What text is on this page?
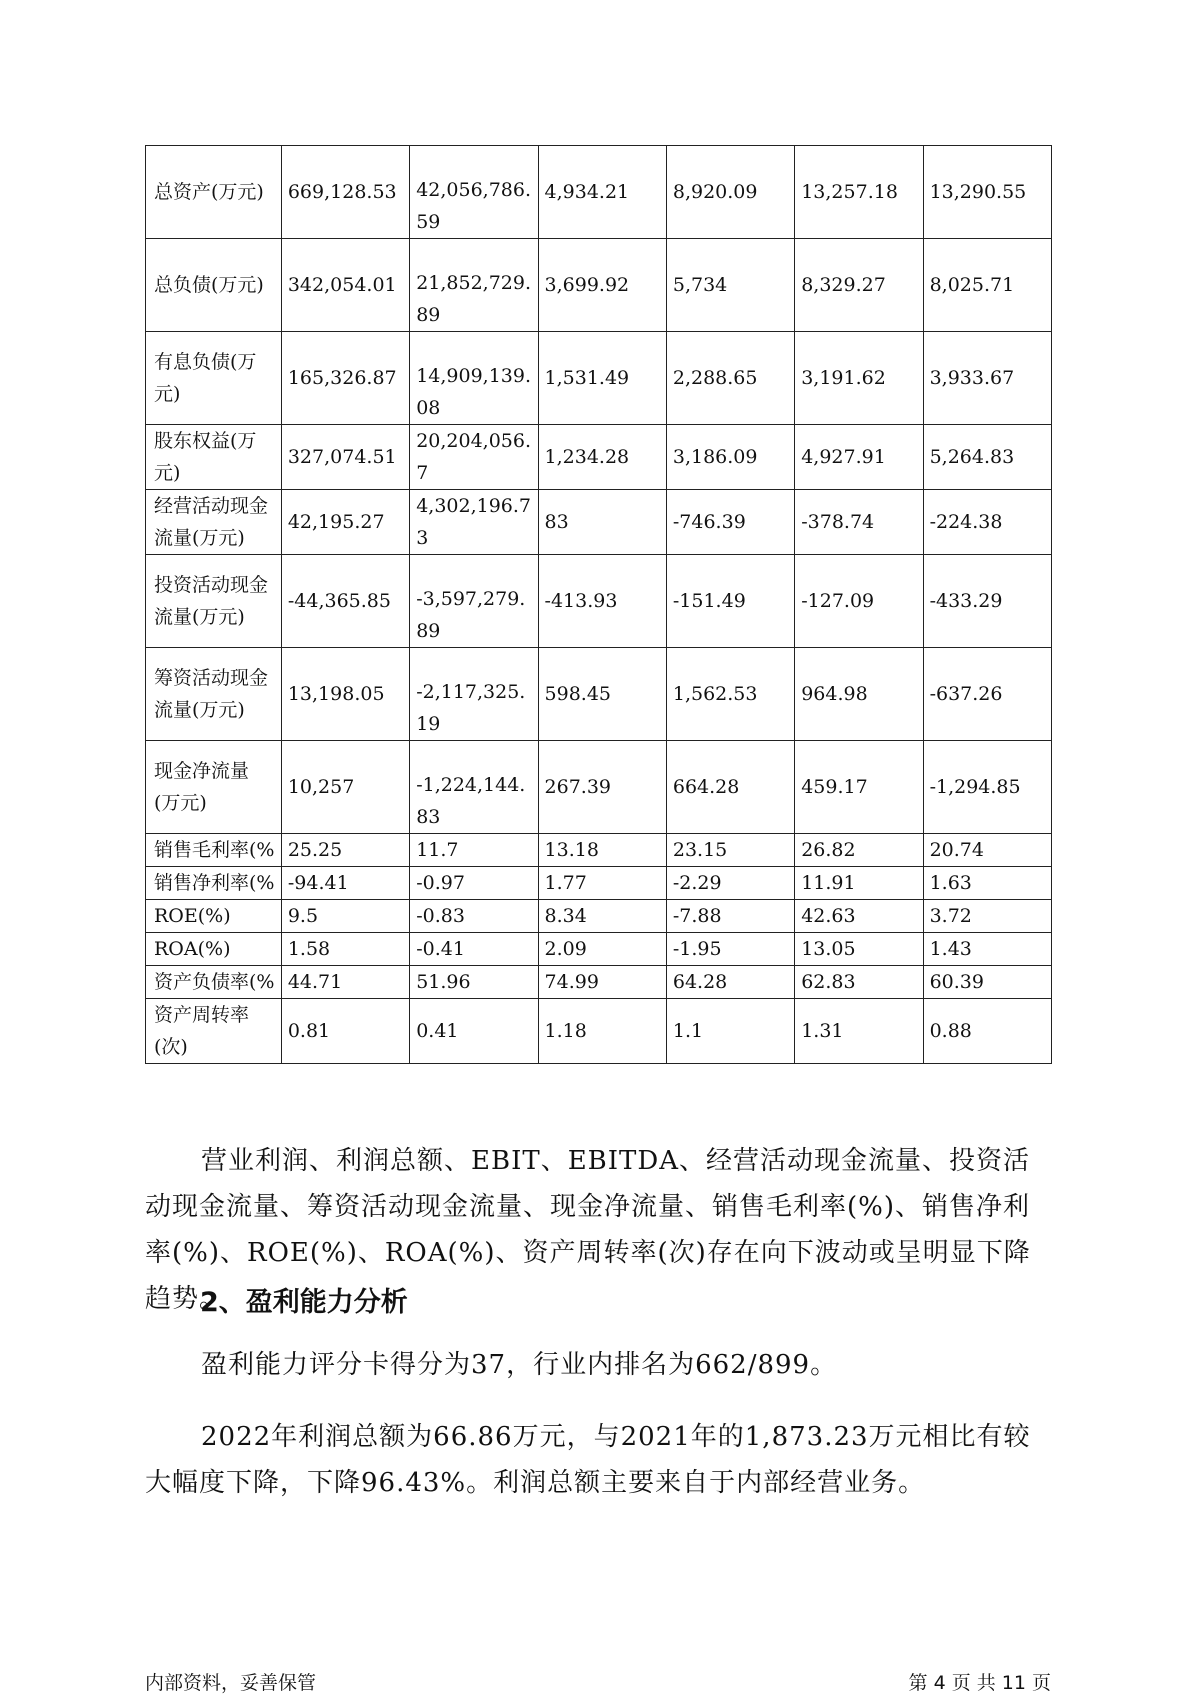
总资产(万元)	669,128.53	42,056,786.59	4,934.21	8,920.09	13,257.18	13,290.55
总负债(万元)	342,054.01	21,852,729.89	3,699.92	5,734	8,329.27	8,025.71
有息负债(万元)	165,326.87	14,909,139.08	1,531.49	2,288.65	3,191.62	3,933.67
股东权益(万元)	327,074.51	20,204,056.7	1,234.28	3,186.09	4,927.91	5,264.83
经营活动现金流量(万元)	42,195.27	4,302,196.73	83	-746.39	-378.74	-224.38
投资活动现金流量(万元)	-44,365.85	-3,597,279.89	-413.93	-151.49	-127.09	-433.29
筹资活动现金流量(万元)	13,198.05	-2,117,325.19	598.45	1,562.53	964.98	-637.26
现金净流量(万元)	10,257	-1,224,144.83	267.39	664.28	459.17	-1,294.85
销售毛利率(%	25.25	11.7	13.18	23.15	26.82	20.74
销售净利率(%	-94.41	-0.97	1.77	-2.29	11.91	1.63
ROE(%)	9.5	-0.83	8.34	-7.88	42.63	3.72
ROA(%)	1.58	-0.41	2.09	-1.95	13.05	1.43
资产负债率(%	44.71	51.96	74.99	64.28	62.83	60.39
资产周转率(次)	0.81	0.41	1.18	1.1	1.31	0.88

营业利润、利润总额、EBIT、EBITDA、经营活动现金流量、投资活动现金流量、筹资活动现金流量、现金净流量、销售毛利率(%)、销售净利率(%)、ROE(%)、ROA(%)、资产周转率(次)存在向下波动或呈明显下降趋势。

2、盈利能力分析

盈利能力评分卡得分为37，行业内排名为662/899。

2022年利润总额为66.86万元，与2021年的1,873.23万元相比有较大幅度下降，下降96.43%。利润总额主要来自于内部经营业务。

内部资料，妥善保管	第 4 页 共 11 页
